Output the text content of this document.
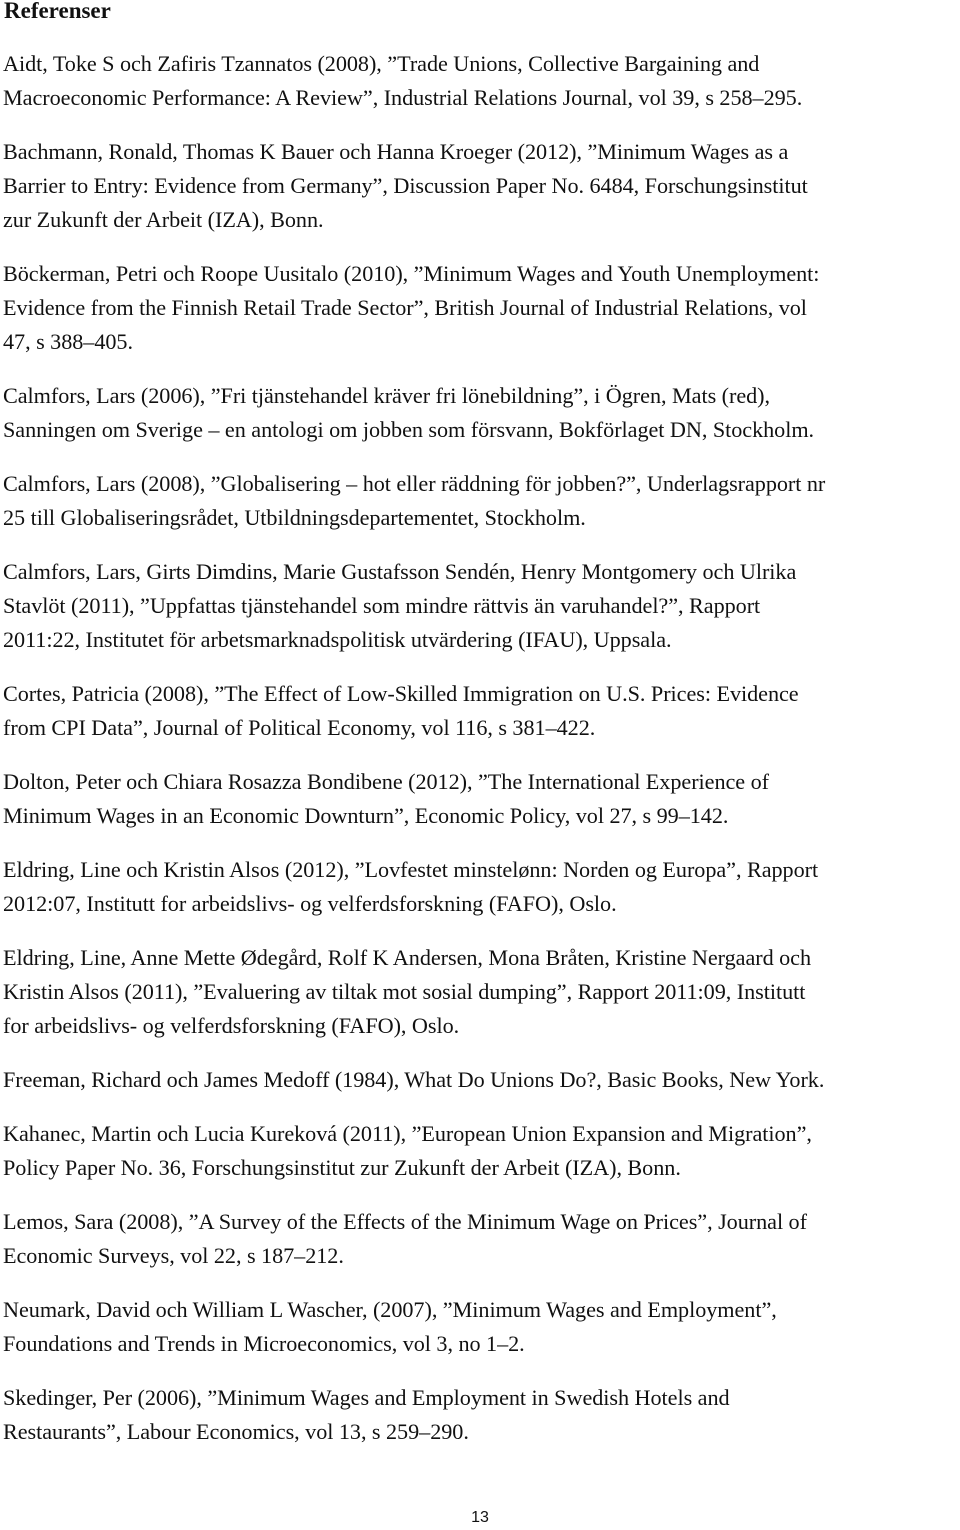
Referenser
Aidt, Toke S och Zafiris Tzannatos (2008), ”Trade Unions, Collective Bargaining and
Macroeconomic Performance: A Review”, Industrial Relations Journal, vol 39, s 258–295.
Bachmann, Ronald, Thomas K Bauer och Hanna Kroeger (2012), ”Minimum Wages as a
Barrier to Entry: Evidence from Germany”, Discussion Paper No. 6484, Forschungsinstitut
zur Zukunft der Arbeit (IZA), Bonn.
Böckerman, Petri och Roope Uusitalo (2010), ”Minimum Wages and Youth Unemployment:
Evidence from the Finnish Retail Trade Sector”, British Journal of Industrial Relations, vol
47, s 388–405.
Calmfors, Lars (2006), ”Fri tjänstehandel kräver fri lönebildning”, i Ögren, Mats (red),
Sanningen om Sverige – en antologi om jobben som försvann, Bokförlaget DN, Stockholm.
Calmfors, Lars (2008), ”Globalisering – hot eller räddning för jobben?”, Underlagsrapport nr
25 till Globaliseringsrådet, Utbildningsdepartementet, Stockholm.
Calmfors, Lars, Girts Dimdins, Marie Gustafsson Sendén, Henry Montgomery och Ulrika
Stavlöt (2011), ”Uppfattas tjänstehandel som mindre rättvis än varuhandel?”, Rapport
2011:22, Institutet för arbetsmarknadspolitisk utvärdering (IFAU), Uppsala.
Cortes, Patricia (2008), ”The Effect of Low-Skilled Immigration on U.S. Prices: Evidence
from CPI Data”, Journal of Political Economy, vol 116, s 381–422.
Dolton, Peter och Chiara Rosazza Bondibene (2012), ”The International Experience of
Minimum Wages in an Economic Downturn”, Economic Policy, vol 27, s 99–142.
Eldring, Line och Kristin Alsos (2012), ”Lovfestet minstelønn: Norden og Europa”, Rapport
2012:07, Institutt for arbeidslivs- og velferdsforskning (FAFO), Oslo.
Eldring, Line, Anne Mette Ødegård, Rolf K Andersen, Mona Bråten, Kristine Nergaard och
Kristin Alsos (2011), ”Evaluering av tiltak mot sosial dumping”, Rapport 2011:09, Institutt
for arbeidslivs- og velferdsforskning (FAFO), Oslo.
Freeman, Richard och James Medoff (1984), What Do Unions Do?, Basic Books, New York.
Kahanec, Martin och Lucia Kureková (2011), ”European Union Expansion and Migration”,
Policy Paper No. 36, Forschungsinstitut zur Zukunft der Arbeit (IZA), Bonn.
Lemos, Sara (2008), ”A Survey of the Effects of the Minimum Wage on Prices”, Journal of
Economic Surveys, vol 22, s 187–212.
Neumark, David och William L Wascher, (2007), ”Minimum Wages and Employment”,
Foundations and Trends in Microeconomics, vol 3, no 1–2.
Skedinger, Per (2006), ”Minimum Wages and Employment in Swedish Hotels and
Restaurants”, Labour Economics, vol 13, s 259–290.
13
